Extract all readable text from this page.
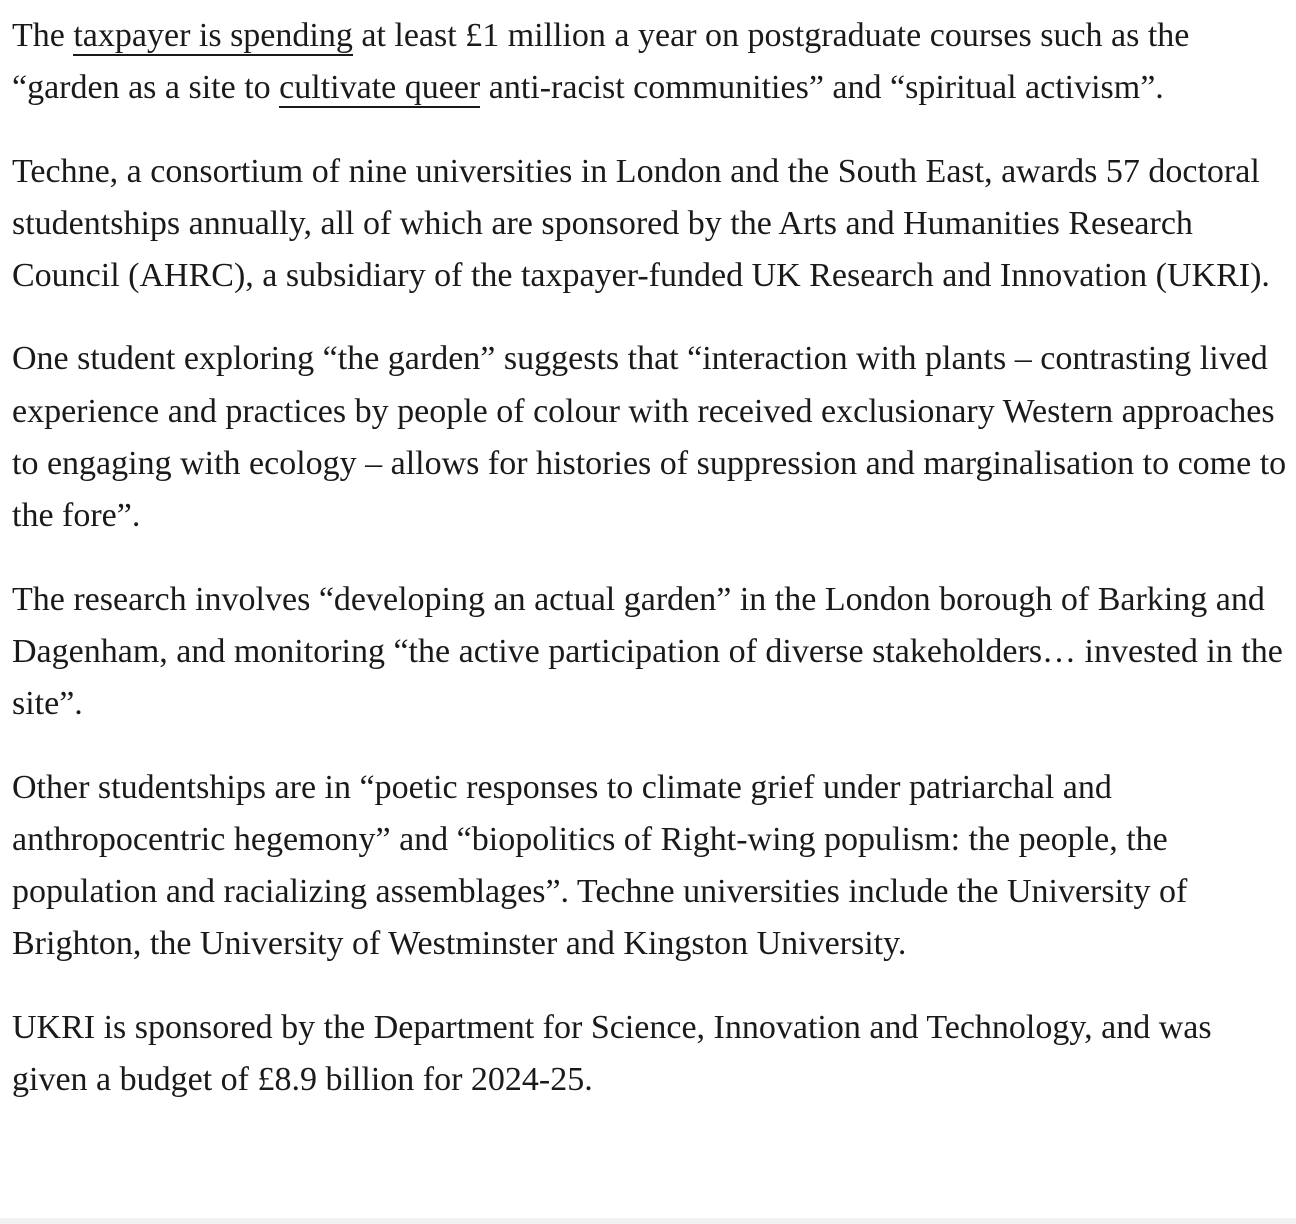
The taxpayer is spending at least £1 million a year on postgraduate courses such as the “garden as a site to cultivate queer anti-racist communities” and “spiritual activism”.

Techne, a consortium of nine universities in London and the South East, awards 57 doctoral studentships annually, all of which are sponsored by the Arts and Humanities Research Council (AHRC), a subsidiary of the taxpayer-funded UK Research and Innovation (UKRI).

One student exploring “the garden” suggests that “interaction with plants – contrasting lived experience and practices by people of colour with received exclusionary Western approaches to engaging with ecology – allows for histories of suppression and marginalisation to come to the fore”.

The research involves “developing an actual garden” in the London borough of Barking and Dagenham, and monitoring “the active participation of diverse stakeholders… invested in the site”.

Other studentships are in “poetic responses to climate grief under patriarchal and anthropocentric hegemony” and “biopolitics of Right-wing populism: the people, the population and racializing assemblages”. Techne universities include the University of Brighton, the University of Westminster and Kingston University.

UKRI is sponsored by the Department for Science, Innovation and Technology, and was given a budget of £8.9 billion for 2024-25.
